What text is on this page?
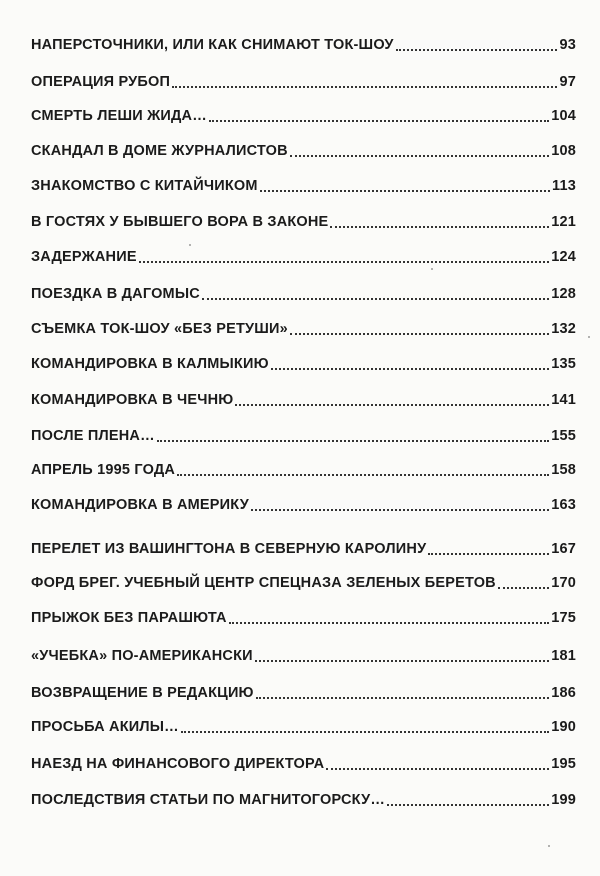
НАПЕРСТОЧНИКИ, ИЛИ КАК СНИМАЮТ ТОК-ШОУ	93
ОПЕРАЦИЯ РУБОП	97
СМЕРТЬ ЛЕШИ ЖИДА…	104
СКАНДАЛ В ДОМЕ ЖУРНАЛИСТОВ	108
ЗНАКОМСТВО С КИТАЙЧИКОМ	113
В ГОСТЯХ У БЫВШЕГО ВОРА В ЗАКОНЕ	121
ЗАДЕРЖАНИЕ	124
ПОЕЗДКА В ДАГОМЫС	128
СЪЕМКА ТОК-ШОУ «БЕЗ РЕТУШИ»	132
КОМАНДИРОВКА В КАЛМЫКИЮ	135
КОМАНДИРОВКА В ЧЕЧНЮ	141
ПОСЛЕ ПЛЕНА…	155
АПРЕЛЬ 1995 ГОДА	158
КОМАНДИРОВКА В АМЕРИКУ	163
ПЕРЕЛЕТ ИЗ ВАШИНГТОНА В СЕВЕРНУЮ КАРОЛИНУ	167
ФОРД БРЕГ. УЧЕБНЫЙ ЦЕНТР СПЕЦНАЗА ЗЕЛЕНЫХ БЕРЕТОВ	170
ПРЫЖОК БЕЗ ПАРАШЮТА	175
«УЧЕБКА» ПО-АМЕРИКАНСКИ	181
ВОЗВРАЩЕНИЕ В РЕДАКЦИЮ	186
ПРОСЬБА АКИЛЫ…	190
НАЕЗД НА ФИНАНСОВОГО ДИРЕКТОРА	195
ПОСЛЕДСТВИЯ СТАТЬИ ПО МАГНИТОГОРСКУ…	199
